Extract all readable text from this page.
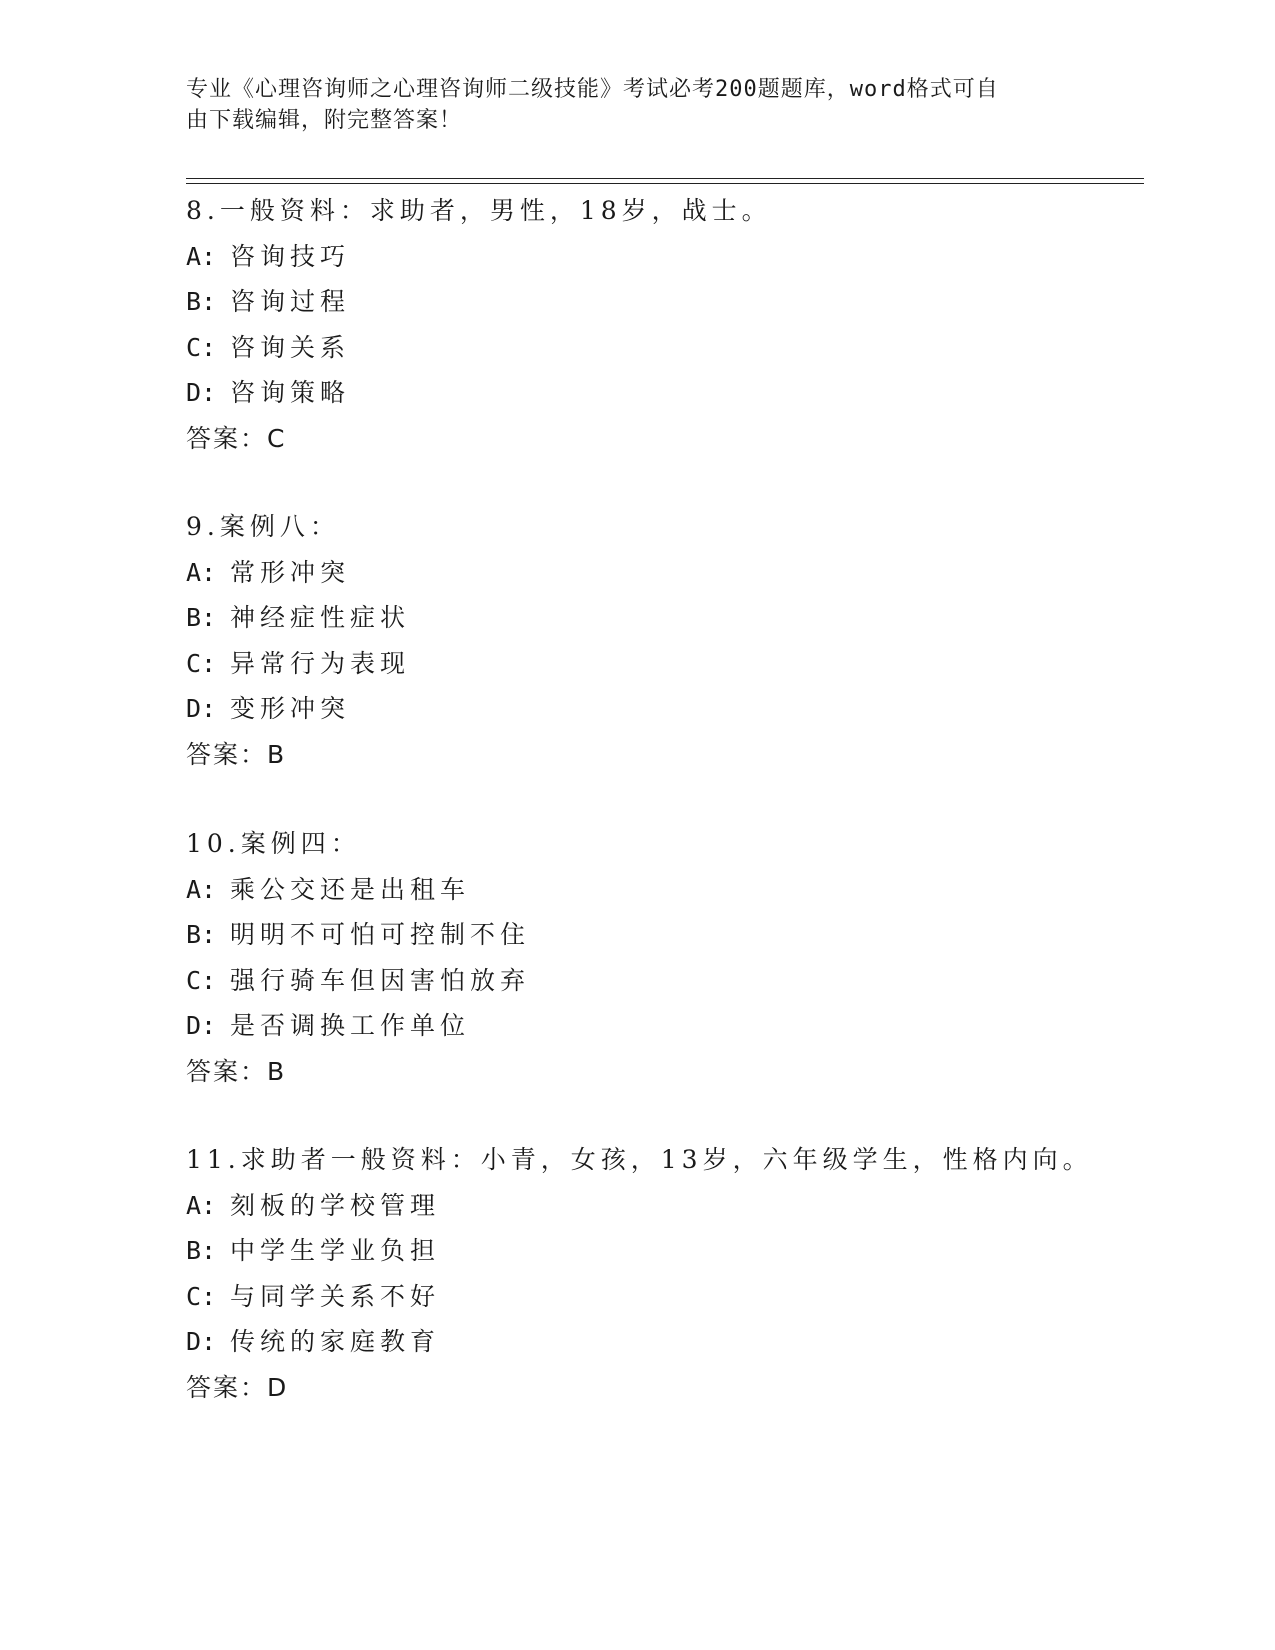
专业《心理咨询师之心理咨询师二级技能》考试必考200题题库，word格式可自
由下载编辑，附完整答案！
8.一般资料：求助者，男性，18岁，战士。
A: 咨询技巧
B: 咨询过程
C: 咨询关系
D: 咨询策略
答案：C
9.案例八：
A: 常形冲突
B: 神经症性症状
C: 异常行为表现
D: 变形冲突
答案：B
10.案例四：
A: 乘公交还是出租车
B: 明明不可怕可控制不住
C: 强行骑车但因害怕放弃
D: 是否调换工作单位
答案：B
11.求助者一般资料：小青，女孩，13岁，六年级学生，性格内向。
A: 刻板的学校管理
B: 中学生学业负担
C: 与同学关系不好
D: 传统的家庭教育
答案：D
